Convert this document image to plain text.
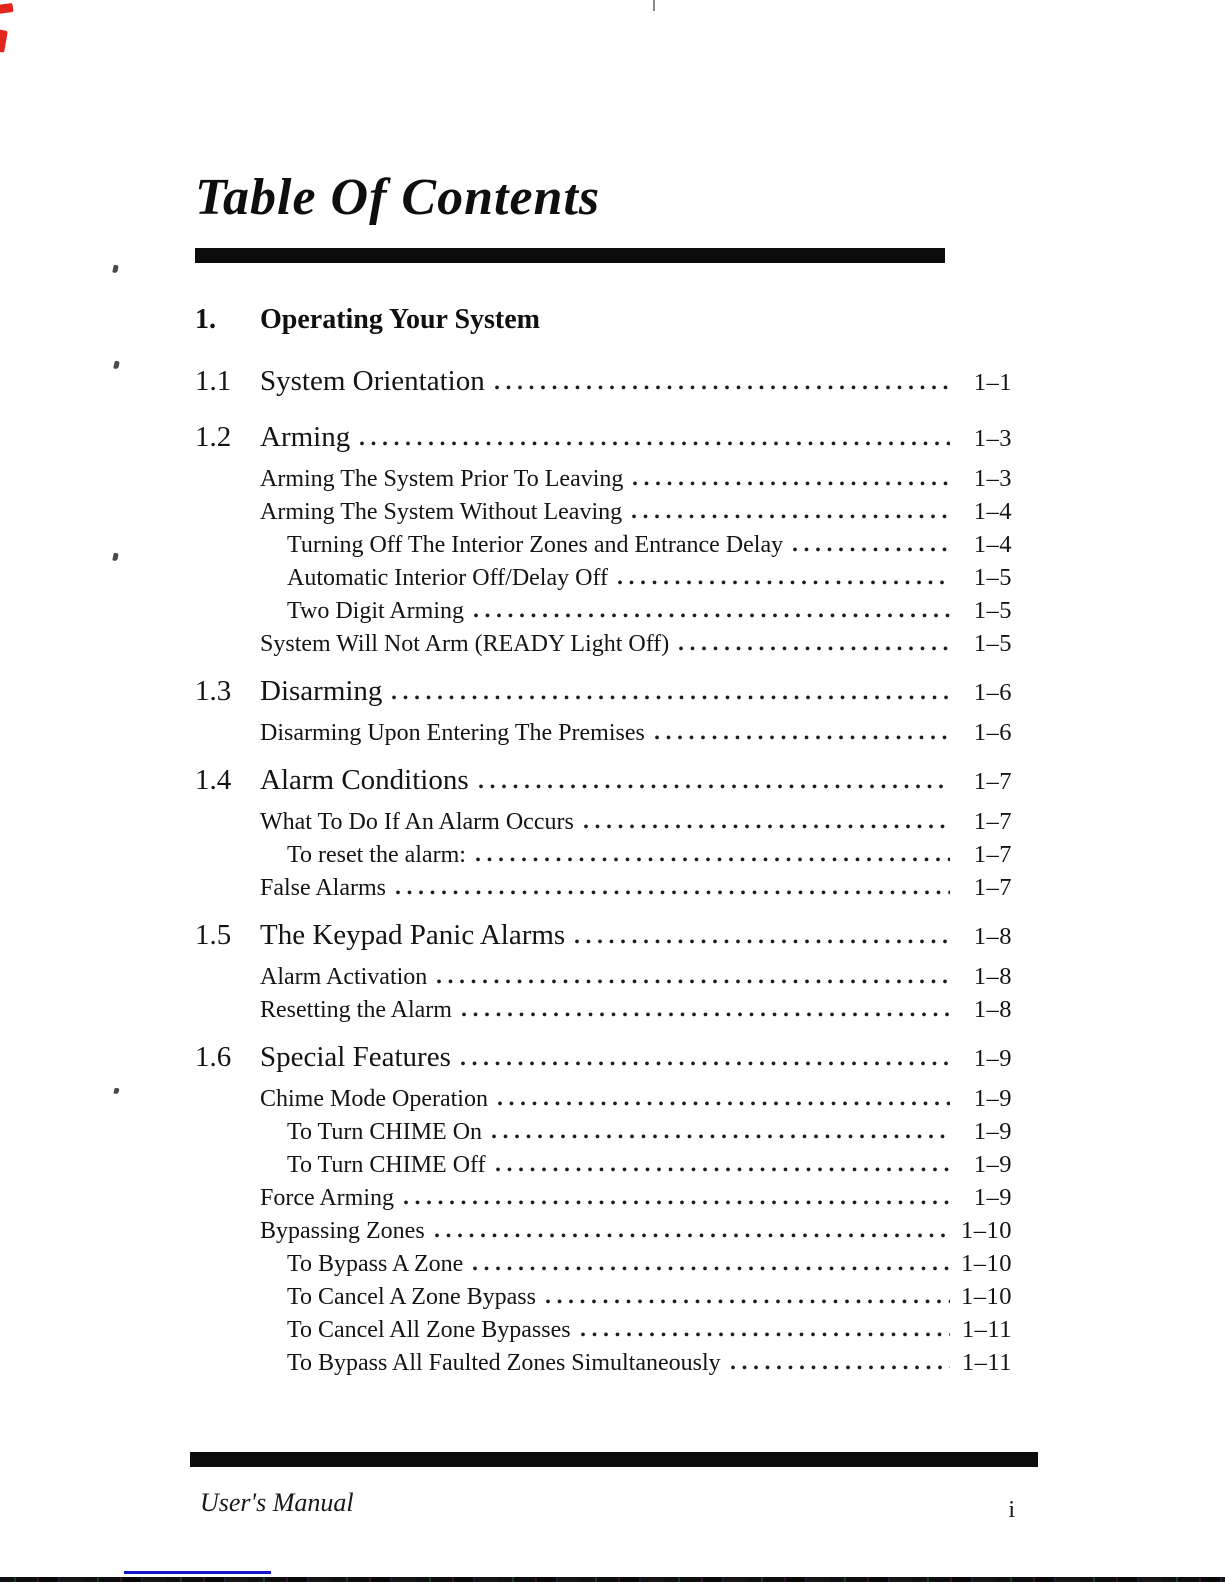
Table Of Contents
1.	Operating Your System
1.1 System Orientation	1–1
1.2 Arming	1–3
Arming The System Prior To Leaving	1–3
Arming The System Without Leaving	1–4
Turning Off The Interior Zones and Entrance Delay	1–4
Automatic Interior Off/Delay Off	1–5
Two Digit Arming	1–5
System Will Not Arm (READY Light Off)	1–5
1.3 Disarming	1–6
Disarming Upon Entering The Premises	1–6
1.4 Alarm Conditions	1–7
What To Do If An Alarm Occurs	1–7
To reset the alarm:	1–7
False Alarms	1–7
1.5 The Keypad Panic Alarms	1–8
Alarm Activation	1–8
Resetting the Alarm	1–8
1.6 Special Features	1–9
Chime Mode Operation	1–9
To Turn CHIME On	1–9
To Turn CHIME Off	1–9
Force Arming	1–9
Bypassing Zones	1–10
To Bypass A Zone	1–10
To Cancel A Zone Bypass	1–10
To Cancel All Zone Bypasses	1–11
To Bypass All Faulted Zones Simultaneously	1–11
User's Manual	i
